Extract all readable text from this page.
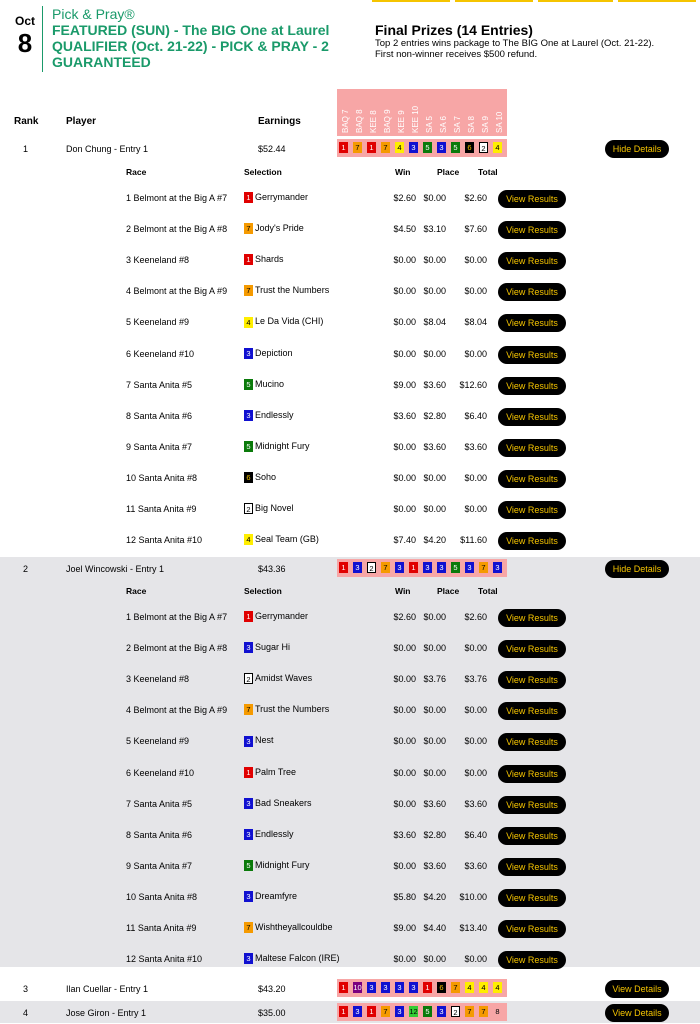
Oct
8
Pick & Pray®
FEATURED (SUN) - The BIG One at Laurel QUALIFIER (Oct. 21-22) - PICK & PRAY - 2 GUARANTEED
Final Prizes (14 Entries)
Top 2 entries wins package to The BIG One at Laurel (Oct. 21-22).
First non-winner receives $500 refund.
Rank	Player	Earnings	BAQ 7 BAQ 8 KEE 8 BAQ 9 KEE 9 KEE 10 SA 5 SA 6 SA 7 SA 8 SA 9 SA 10
1	Don Chung - Entry 1	$52.44	1	7	1	7	4	3	5	3	5	6	2	4	Hide Details
Race	Selection	Win	Place Total
1 Belmont at the Big A #7	1 Gerrymander	$2.60 $0.00	$2.60	View Results
2 Belmont at the Big A #8	7 Jody's Pride	$4.50 $3.10	$7.60	View Results
3 Keeneland #8	1 Shards	$0.00 $0.00	$0.00	View Results
4 Belmont at the Big A #9	7 Trust the Numbers	$0.00 $0.00	$0.00	View Results
5 Keeneland #9	4 Le Da Vida (CHI)	$0.00 $8.04	$8.04	View Results
6 Keeneland #10	3 Depiction	$0.00 $0.00	$0.00	View Results
7 Santa Anita #5	5 Mucino	$9.00 $3.60	$12.60	View Results
8 Santa Anita #6	3 Endlessly	$3.60 $2.80	$6.40	View Results
9 Santa Anita #7	5 Midnight Fury	$0.00 $3.60	$3.60	View Results
10 Santa Anita #8	6 Soho	$0.00 $0.00	$0.00	View Results
11 Santa Anita #9	2 Big Novel	$0.00 $0.00	$0.00	View Results
12 Santa Anita #10	4 Seal Team (GB)	$7.40 $4.20	$11.60	View Results
2	Joel Wincowski - Entry 1	$43.36	1	3	2	7	3	1	3	3	5	3	7	3	Hide Details
Race	Selection	Win	Place Total
1 Belmont at the Big A #7	1 Gerrymander	$2.60 $0.00	$2.60	View Results
2 Belmont at the Big A #8	3 Sugar Hi	$0.00 $0.00	$0.00	View Results
3 Keeneland #8	2 Amidst Waves	$0.00 $3.76	$3.76	View Results
4 Belmont at the Big A #9	7 Trust the Numbers	$0.00 $0.00	$0.00	View Results
5 Keeneland #9	3 Nest	$0.00 $0.00	$0.00	View Results
6 Keeneland #10	1 Palm Tree	$0.00 $0.00	$0.00	View Results
7 Santa Anita #5	3 Bad Sneakers	$0.00 $3.60	$3.60	View Results
8 Santa Anita #6	3 Endlessly	$3.60 $2.80	$6.40	View Results
9 Santa Anita #7	5 Midnight Fury	$0.00 $3.60	$3.60	View Results
10 Santa Anita #8	3 Dreamfyre	$5.80 $4.20	$10.00	View Results
11 Santa Anita #9	7 Wishtheyallcouldbe	$9.00 $4.40	$13.40	View Results
12 Santa Anita #10	3 Maltese Falcon (IRE)	$0.00 $0.00	$0.00	View Results
3	Ilan Cuellar - Entry 1	$43.20	1	10	3	3	3	3	1	6	7	4	4	4	View Details
4	Jose Giron - Entry 1	$35.00	1	3	1	7	3	12	5	3	2	7	7	8	View Details
